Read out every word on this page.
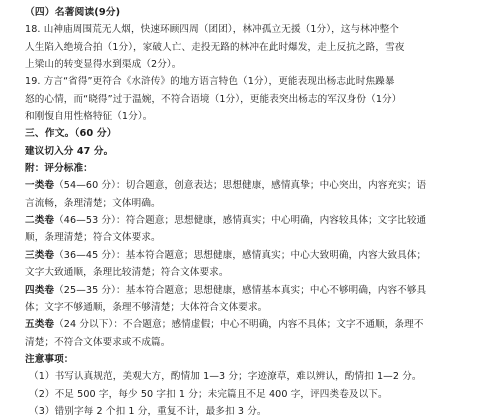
（四）名著阅读(9分)
18. 山神庙周围荒无人烟，快速环顾四周（团团），林冲孤立无援（1分），这与林冲整个
人生陷入绝境合拍（1分），家破人亡、走投无路的林冲在此时爆发，走上反抗之路，雪夜
上梁山的转变显得水到渠成（2分）。
19. 方言“省得”更符合《水浒传》的地方语言特色（1分），更能表现出杨志此时焦躁暴
怒的心情，而“晓得”过于温婉，不符合语境（1分），更能表突出杨志的军汉身份（1分）
和刚愎自用性格特征（1分）。
三、作文。（60 分）
建议切入分 47 分。
附：评分标准：
一类卷（54—60 分）：切合题意，创意表达；思想健康，感情真挚；中心突出，内容充实；语
言流畅，条理清楚；文体明确。
二类卷（46—53 分）：符合题意；思想健康，感情真实；中心明确，内容较具体；文字比较通
顺，条理清楚；符合文体要求。
三类卷（36—45 分）：基本符合题意；思想健康，感情真实；中心大致明确，内容大致具体；
文字大致通顺，条理比较清楚；符合文体要求。
四类卷（25—35 分）：基本符合题意；思想健康，感情基本真实；中心不够明确，内容不够具
体；文字不够通顺，条理不够清楚；大体符合文体要求。
五类卷（24 分以下）：不合题意；感情虚假；中心不明确，内容不具体；文字不通顺，条理不
清楚；不符合文体要求或不成篇。
注意事项：
（1）书写认真规范，美观大方，酌情加 1—3 分；字迹潦草，难以辨认，酌情扣 1—2 分。
（2）不足 500 字，每少 50 字扣 1 分；未完篇且不足 400 字，评四类卷及以下。
（3）错别字每 2 个扣 1 分，重复不计，最多扣 3 分。
